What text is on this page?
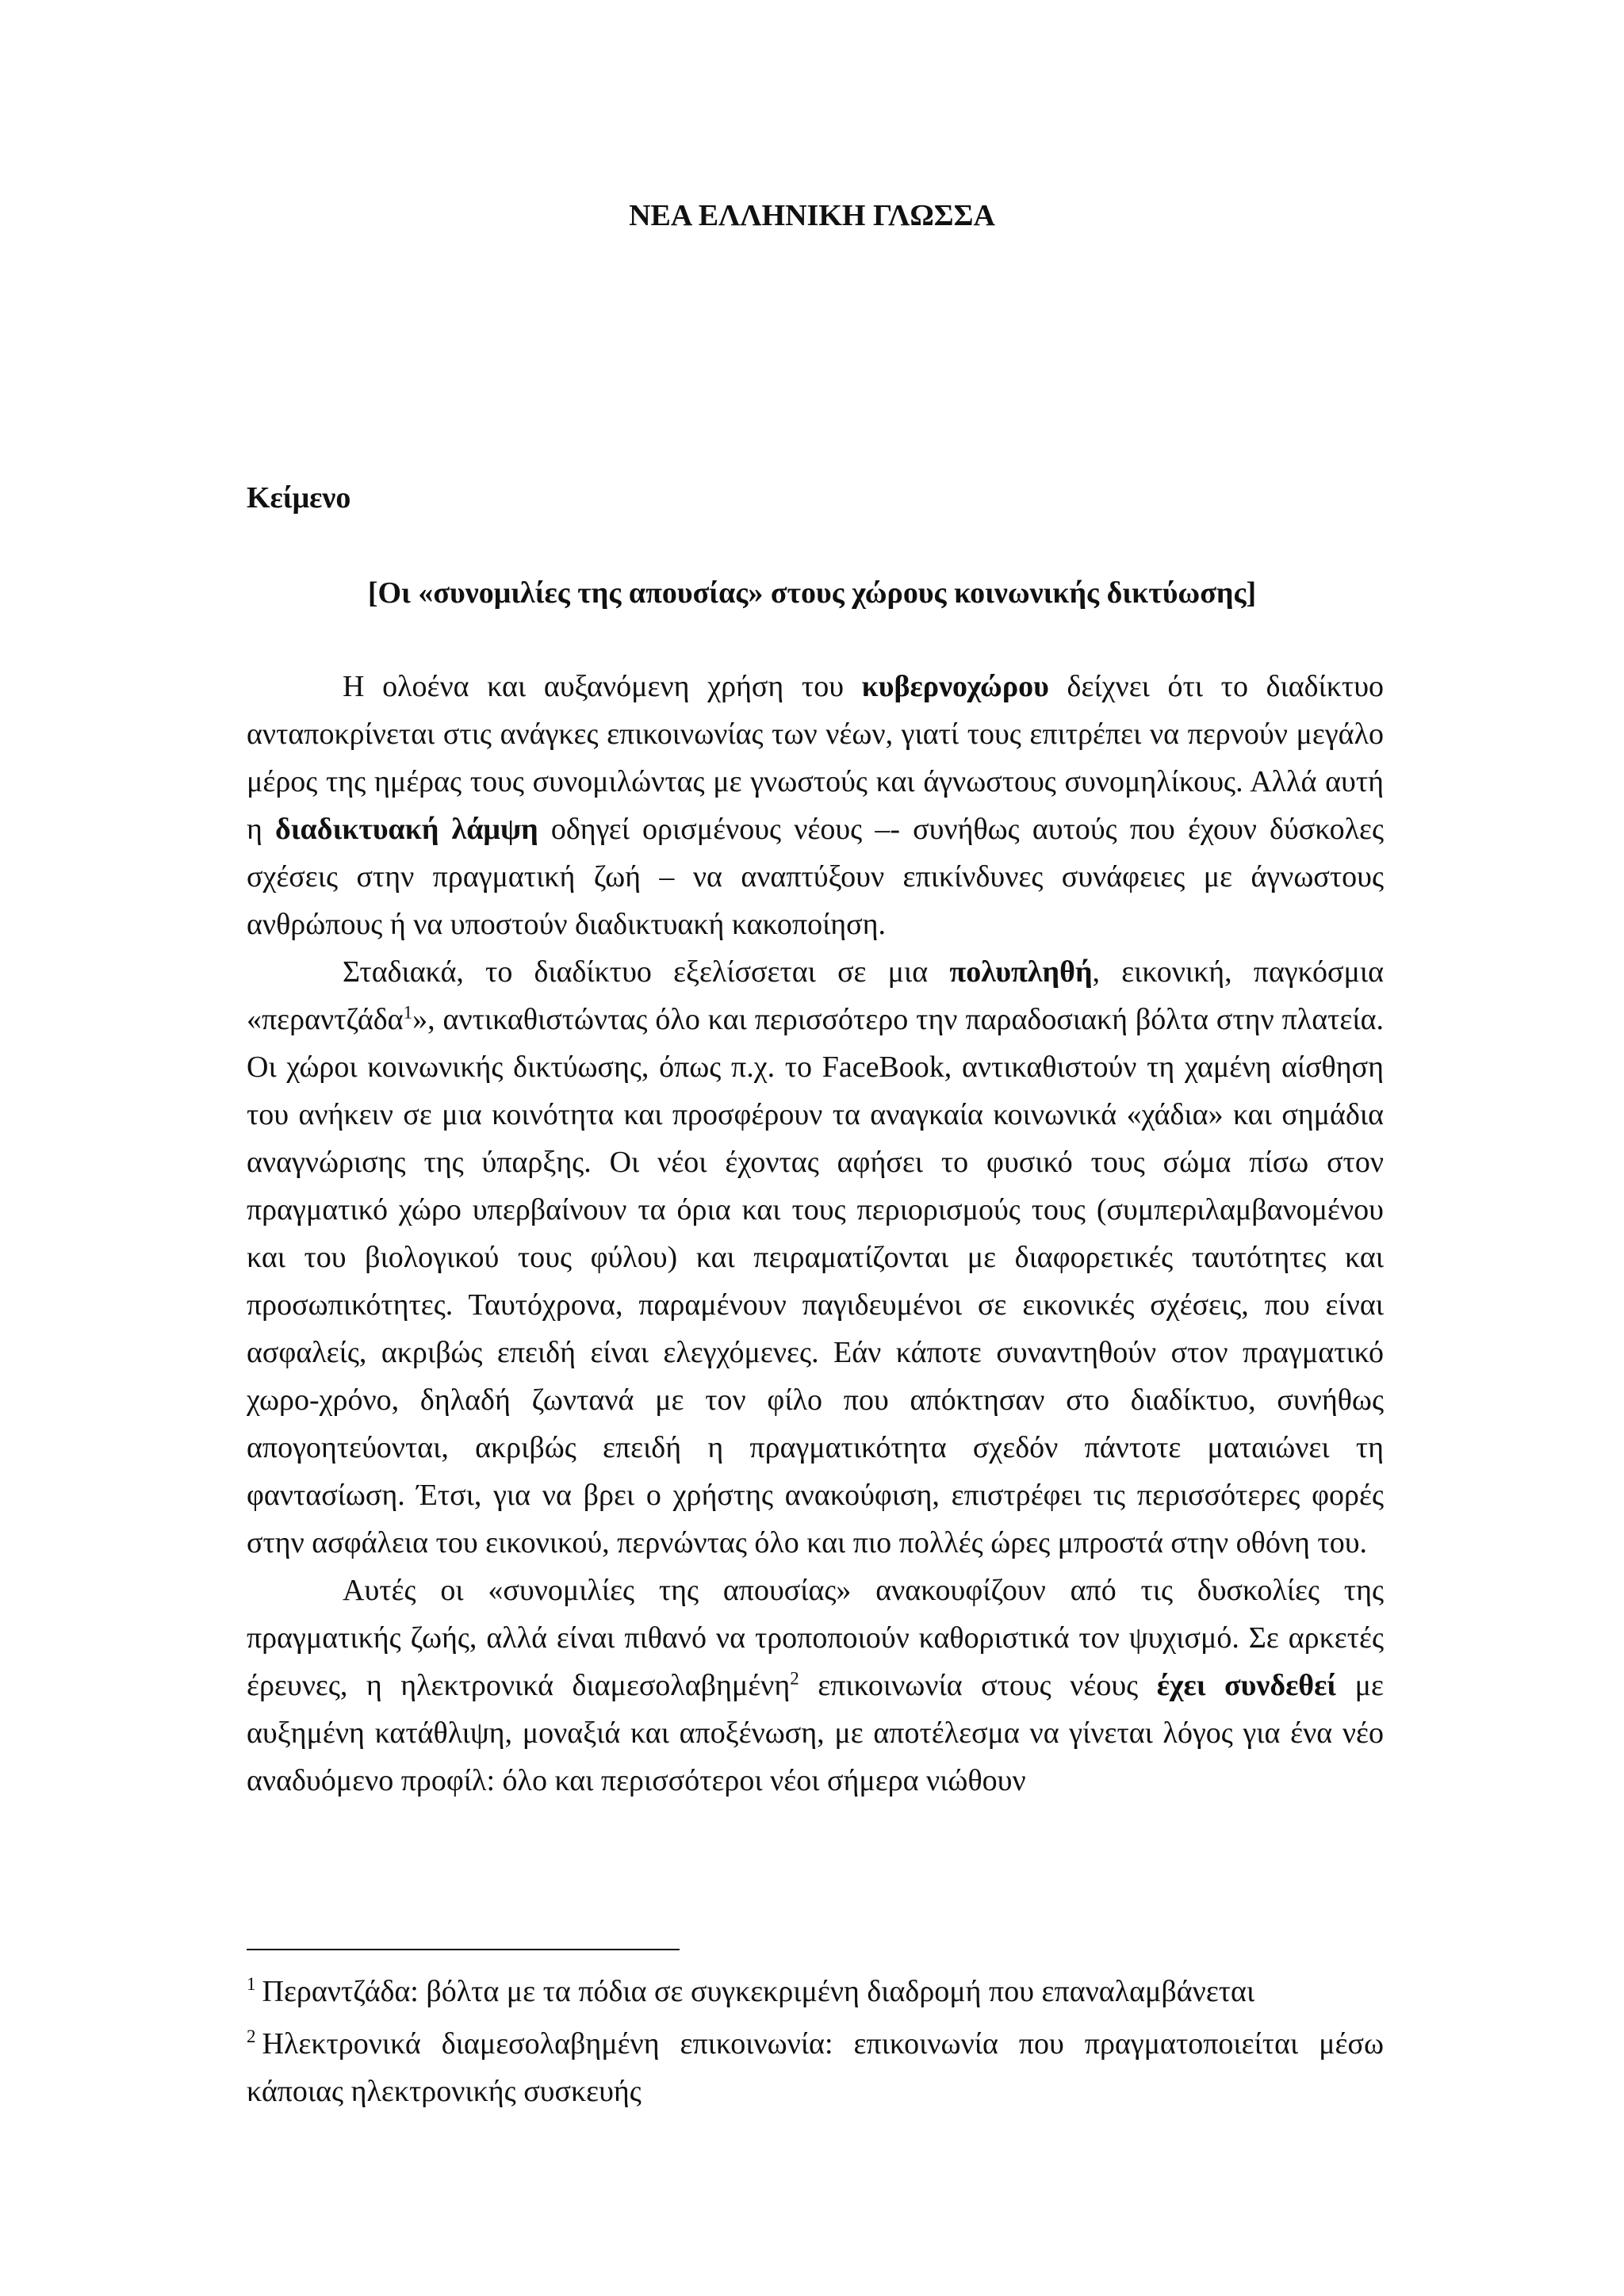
ΝΕΑ ΕΛΛΗΝΙΚΗ ΓΛΩΣΣΑ
Κείμενο
[Οι «συνομιλίες της απουσίας» στους χώρους κοινωνικής δικτύωσης]

Η ολοένα και αυξανόμενη χρήση του κυβερνοχώρου δείχνει ότι το διαδίκτυο ανταποκρίνεται στις ανάγκες επικοινωνίας των νέων, γιατί τους επιτρέπει να περνούν μεγάλο μέρος της ημέρας τους συνομιλώντας με γνωστούς και άγνωστους συνομηλίκους. Αλλά αυτή η διαδικτυακή λάμψη οδηγεί ορισμένους νέους –- συνήθως αυτούς που έχουν δύσκολες σχέσεις στην πραγματική ζωή – να αναπτύξουν επικίνδυνες συνάφειες με άγνωστους ανθρώπους ή να υποστούν διαδικτυακή κακοποίηση.

Σταδιακά, το διαδίκτυο εξελίσσεται σε μια πολυπληθή, εικονική, παγκόσμια «περαντζάδα$^1$», αντικαθιστώντας όλο και περισσότερο την παραδοσιακή βόλτα στην πλατεία. Οι χώροι κοινωνικής δικτύωσης, όπως π.χ. το FaceBook, αντικαθιστούν τη χαμένη αίσθηση του ανήκειν σε μια κοινότητα και προσφέρουν τα αναγκαία κοινωνικά «χάδια» και σημάδια αναγνώρισης της ύπαρξης. Οι νέοι έχοντας αφήσει το φυσικό τους σώμα πίσω στον πραγματικό χώρο υπερβαίνουν τα όρια και τους περιορισμούς τους (συμπεριλαμβανομένου και του βιολογικού τους φύλου) και πειραματίζονται με διαφορετικές ταυτότητες και προσωπικότητες. Ταυτόχρονα, παραμένουν παγιδευμένοι σε εικονικές σχέσεις, που είναι ασφαλείς, ακριβώς επειδή είναι ελεγχόμενες. Εάν κάποτε συναντηθούν στον πραγματικό χωρο-χρόνο, δηλαδή ζωντανά με τον φίλο που απόκτησαν στο διαδίκτυο, συνήθως απογοητεύονται, ακριβώς επειδή η πραγματικότητα σχεδόν πάντοτε ματαιώνει τη φαντασίωση. Έτσι, για να βρει ο χρήστης ανακούφιση, επιστρέφει τις περισσότερες φορές στην ασφάλεια του εικονικού, περνώντας όλο και πιο πολλές ώρες μπροστά στην οθόνη του.

Αυτές οι «συνομιλίες της απουσίας» ανακουφίζουν από τις δυσκολίες της πραγματικής ζωής, αλλά είναι πιθανό να τροποποιούν καθοριστικά τον ψυχισμό. Σε αρκετές έρευνες, η ηλεκτρονικά διαμεσολαβημένη$^2$ επικοινωνία στους νέους έχει συνδεθεί με αυξημένη κατάθλιψη, μοναξιά και αποξένωση, με αποτέλεσμα να γίνεται λόγος για ένα νέο αναδυόμενο προφίλ: όλο και περισσότεροι νέοι σήμερα νιώθουν

$^1$ Περαντζάδα: βόλτα με τα πόδια σε συγκεκριμένη διαδρομή που επαναλαμβάνεται

$^2$ Ηλεκτρονικά διαμεσολαβημένη επικοινωνία: επικοινωνία που πραγματοποιείται μέσω κάποιας ηλεκτρονικής συσκευής
